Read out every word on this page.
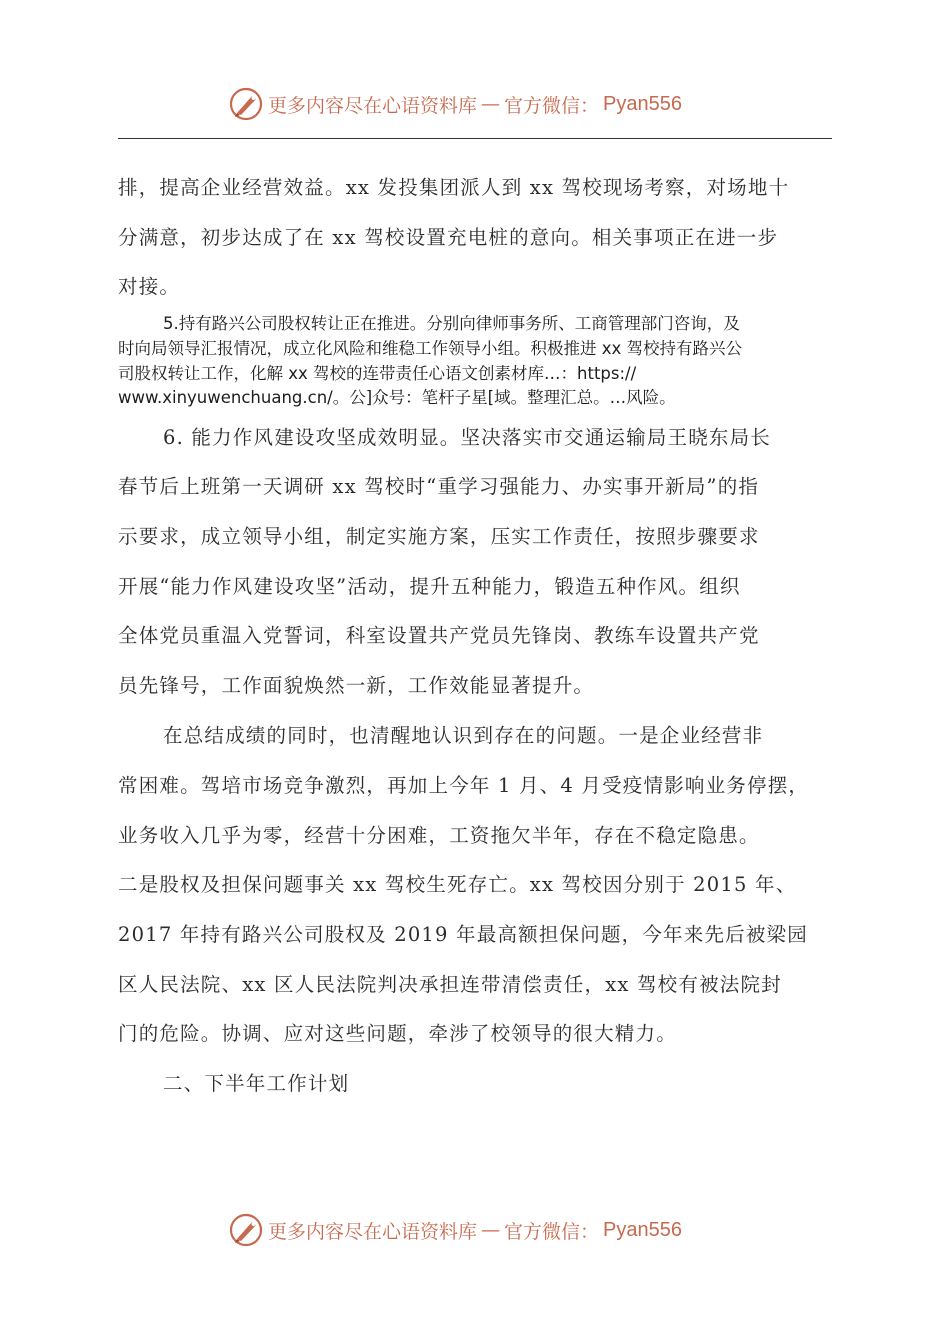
更多内容尽在心语资料库 — 官方微信： Pyan556
排，提高企业经营效益。xx 发投集团派人到 xx 驾校现场考察，对场地十
分满意，初步达成了在 xx 驾校设置充电桩的意向。相关事项正在进一步
对接。
5.持有路兴公司股权转让正在推进。分别向律师事务所、工商管理部门咨询，及
时向局领导汇报情况，成立化风险和维稳工作领导小组。积极推进 xx 驾校持有路兴公
司股权转让工作，化解 xx 驾校的连带责任心语文创素材库…：https://
www.xinyuwenchuang.cn/。公]众号：笔杆子星[域。整理汇总。…风险。
6. 能力作风建设攻坚成效明显。坚决落实市交通运输局王晓东局长
春节后上班第一天调研 xx 驾校时“重学习强能力、办实事开新局”的指
示要求，成立领导小组，制定实施方案，压实工作责任，按照步骤要求
开展“能力作风建设攻坚”活动，提升五种能力，锻造五种作风。组织
全体党员重温入党誓词，科室设置共产党员先锋岗、教练车设置共产党
员先锋号，工作面貌焕然一新，工作效能显著提升。
在总结成绩的同时，也清醒地认识到存在的问题。一是企业经营非
常困难。驾培市场竞争激烈，再加上今年 1 月、4 月受疫情影响业务停摆，
业务收入几乎为零，经营十分困难，工资拖欠半年，存在不稳定隐患。
二是股权及担保问题事关 xx 驾校生死存亡。xx 驾校因分别于 2015 年、
2017 年持有路兴公司股权及 2019 年最高额担保问题，今年来先后被梁园
区人民法院、xx 区人民法院判决承担连带清偿责任，xx 驾校有被法院封
门的危险。协调、应对这些问题，牵涉了校领导的很大精力。
二、下半年工作计划
更多内容尽在心语资料库 — 官方微信： Pyan556
